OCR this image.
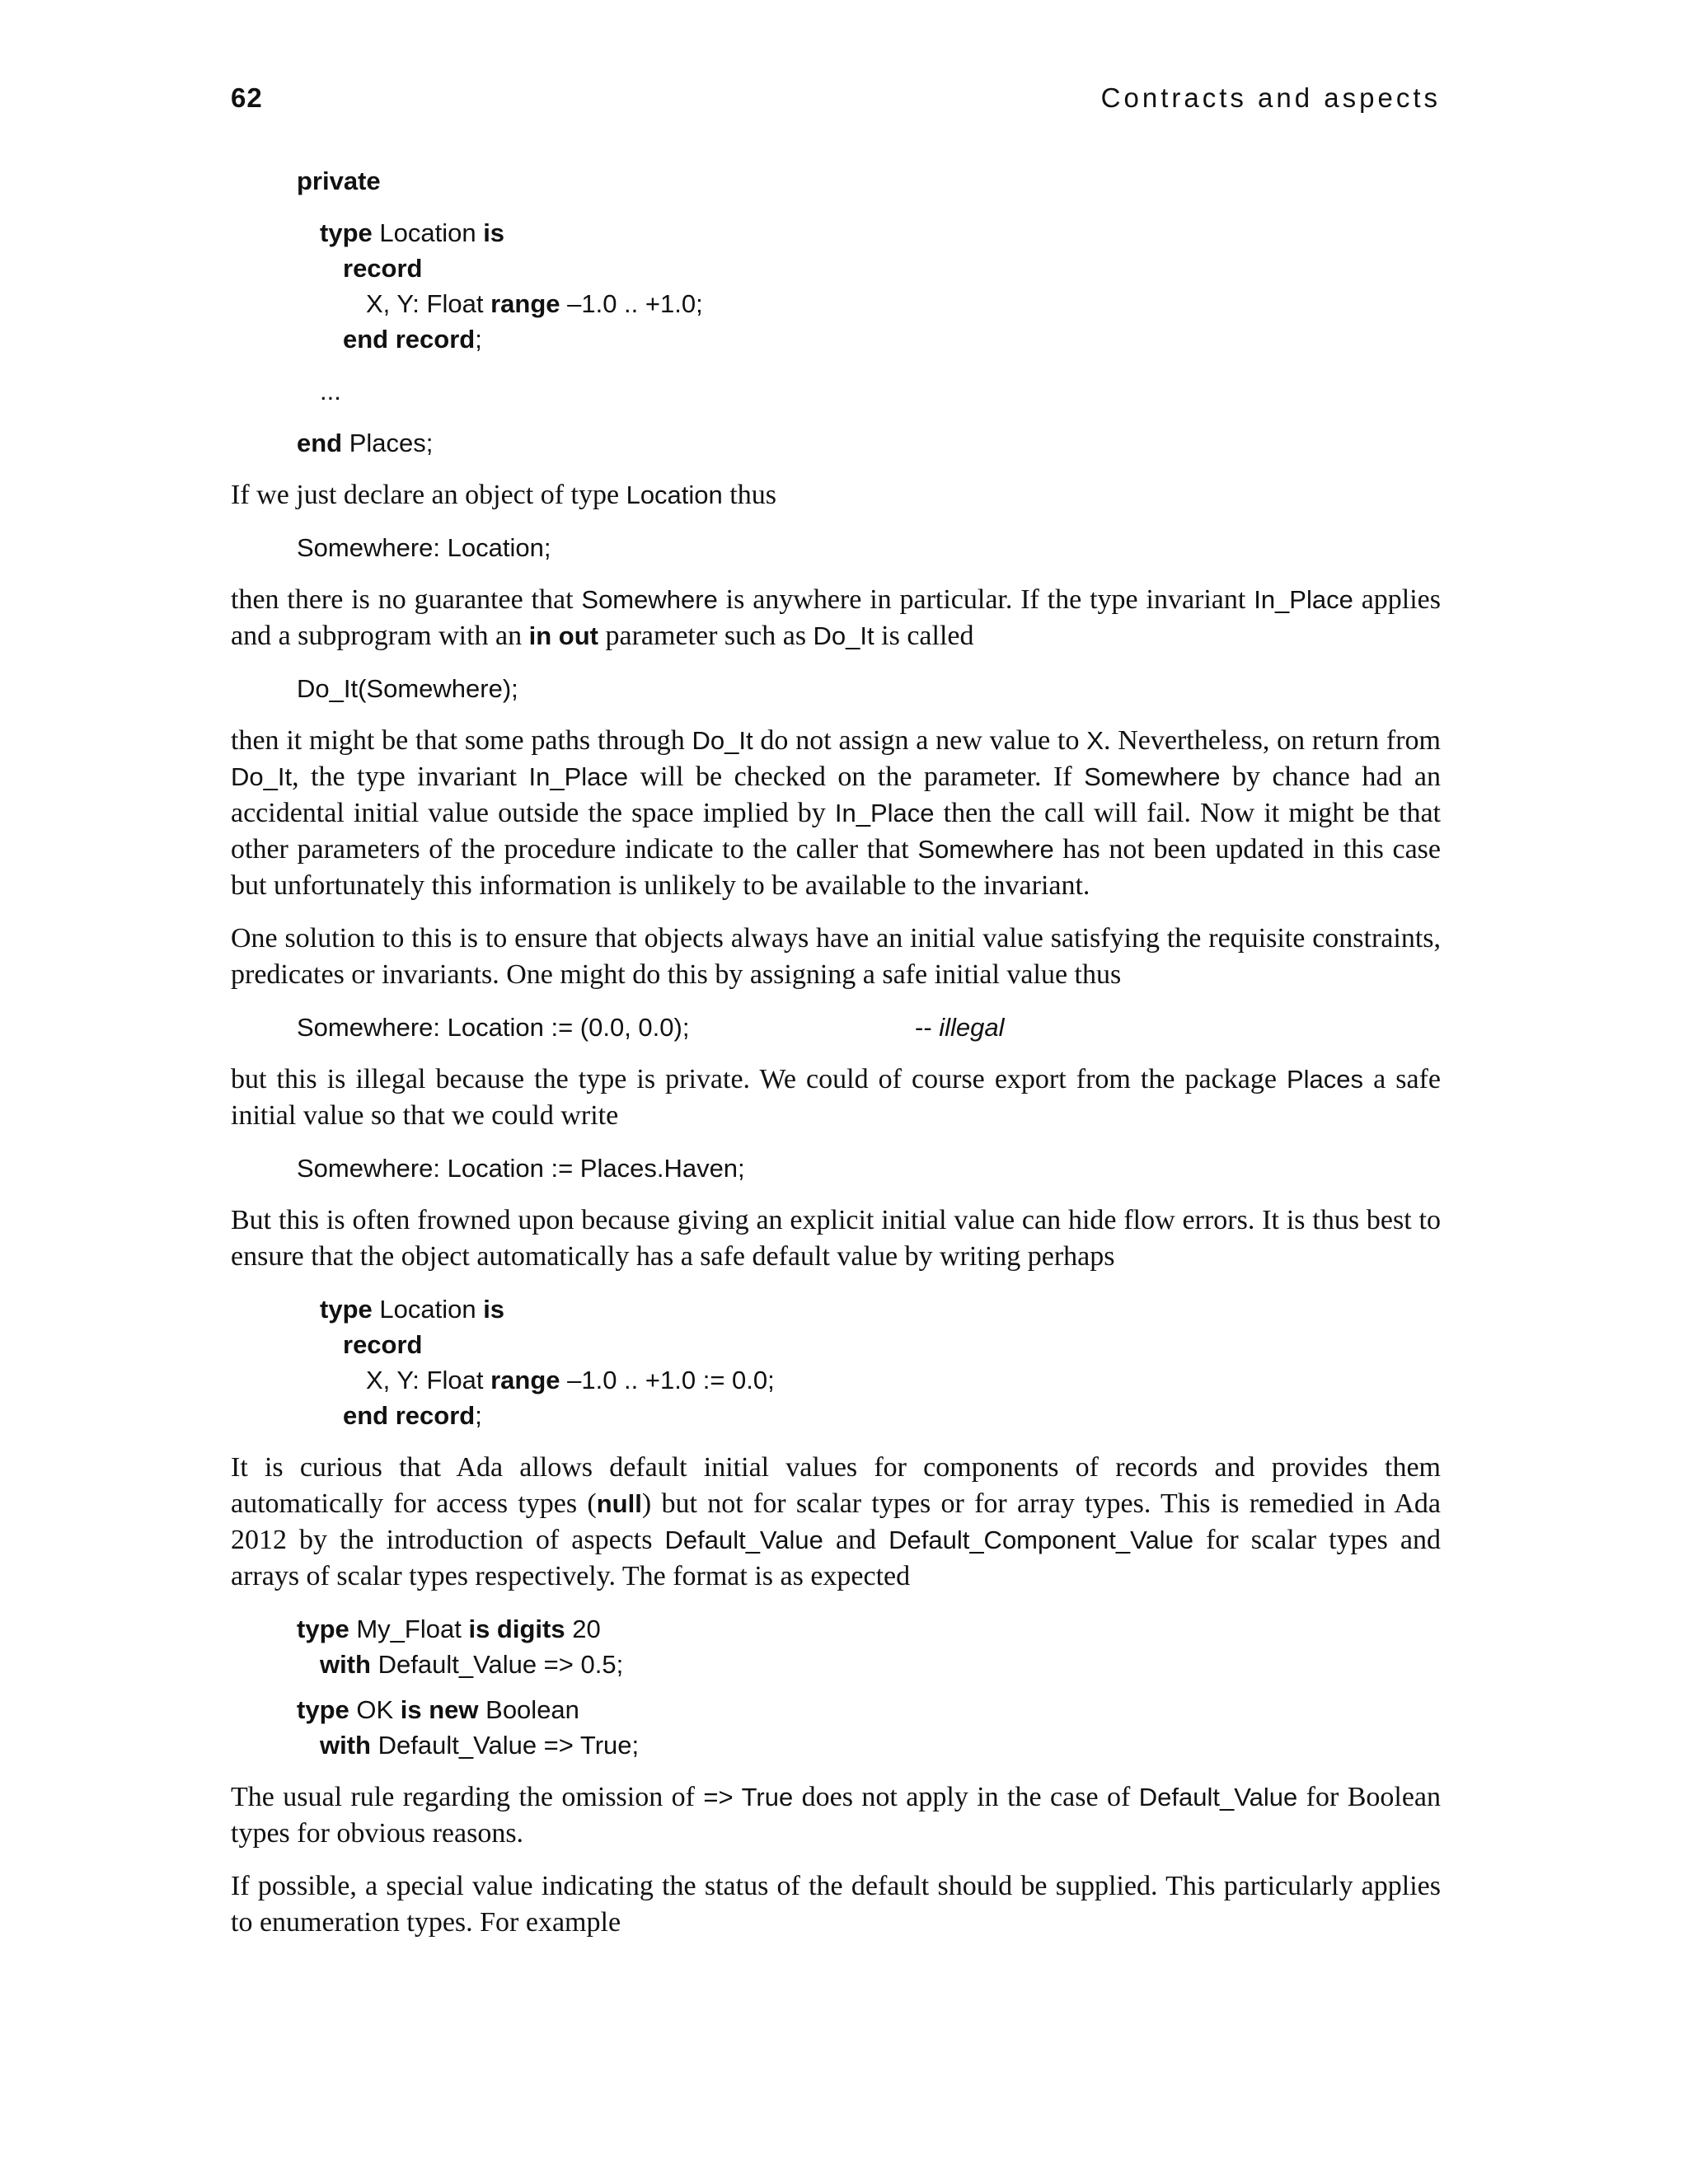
62	Contracts and aspects
private
type Location is
record
X, Y: Float range –1.0 .. +1.0;
end record;
...
end Places;

If we just declare an object of type Location thus

Somewhere: Location;

then there is no guarantee that Somewhere is anywhere in particular. If the type invariant In_Place applies and a subprogram with an in out parameter such as Do_It is called

Do_It(Somewhere);

then it might be that some paths through Do_It do not assign a new value to X. Nevertheless, on return from Do_It, the type invariant In_Place will be checked on the parameter. If Somewhere by chance had an accidental initial value outside the space implied by In_Place then the call will fail. Now it might be that other parameters of the procedure indicate to the caller that Somewhere has not been updated in this case but unfortunately this information is unlikely to be available to the invariant.

One solution to this is to ensure that objects always have an initial value satisfying the requisite constraints, predicates or invariants. One might do this by assigning a safe initial value thus

Somewhere: Location := (0.0, 0.0);	-- illegal

but this is illegal because the type is private. We could of course export from the package Places a safe initial value so that we could write

Somewhere: Location := Places.Haven;

But this is often frowned upon because giving an explicit initial value can hide flow errors. It is thus best to ensure that the object automatically has a safe default value by writing perhaps

type Location is
record
X, Y: Float range –1.0 .. +1.0 := 0.0;
end record;

It is curious that Ada allows default initial values for components of records and provides them automatically for access types (null) but not for scalar types or for array types. This is remedied in Ada 2012 by the introduction of aspects Default_Value and Default_Component_Value for scalar types and arrays of scalar types respectively. The format is as expected

type My_Float is digits 20
with Default_Value => 0.5;
type OK is new Boolean
with Default_Value => True;

The usual rule regarding the omission of => True does not apply in the case of Default_Value for Boolean types for obvious reasons.

If possible, a special value indicating the status of the default should be supplied. This particularly applies to enumeration types. For example
